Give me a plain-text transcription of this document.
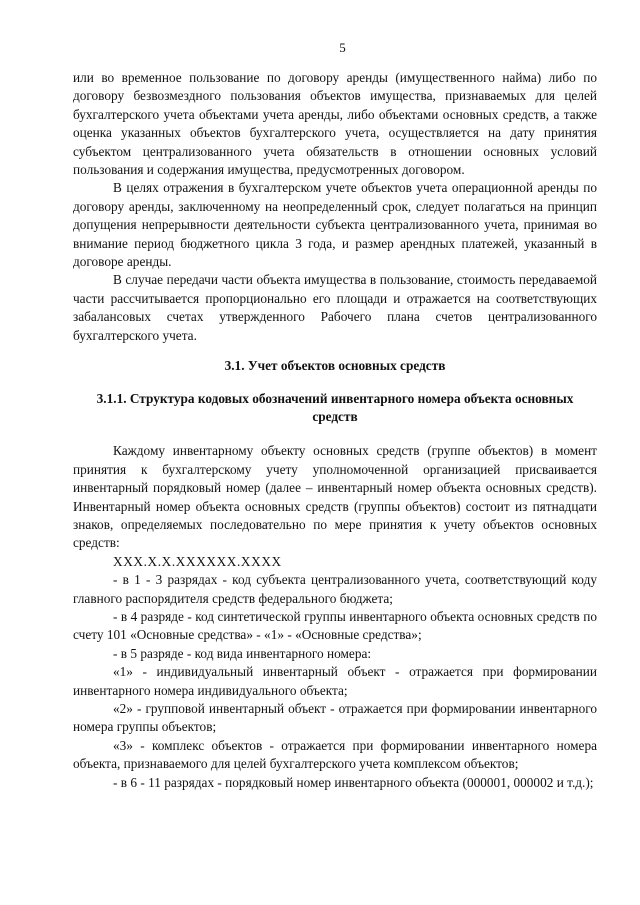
5

или во временное пользование по договору аренды (имущественного найма) либо по договору безвозмездного пользования объектов имущества, признаваемых для целей бухгалтерского учета объектами учета аренды, либо объектами основных средств, а также оценка указанных объектов бухгалтерского учета, осуществляется на дату принятия субъектом централизованного учета обязательств в отношении основных условий пользования и содержания имущества, предусмотренных договором.

В целях отражения в бухгалтерском учете объектов учета операционной аренды по договору аренды, заключенному на неопределенный срок, следует полагаться на принцип допущения непрерывности деятельности субъекта централизованного учета, принимая во внимание период бюджетного цикла 3 года, и размер арендных платежей, указанный в договоре аренды.

В случае передачи части объекта имущества в пользование, стоимость передаваемой части рассчитывается пропорционально его площади и отражается на соответствующих забалансовых счетах утвержденного Рабочего плана счетов централизованного бухгалтерского учета.

3.1. Учет объектов основных средств
3.1.1. Структура кодовых обозначений инвентарного номера объекта основных средств

Каждому инвентарному объекту основных средств (группе объектов) в момент принятия к бухгалтерскому учету уполномоченной организацией присваивается инвентарный порядковый номер (далее – инвентарный номер объекта основных средств). Инвентарный номер объекта основных средств (группы объектов) состоит из пятнадцати знаков, определяемых последовательно по мере принятия к учету объектов основных средств:

XXX.X.X.XXXXXX.XXXX

- в 1 - 3 разрядах - код субъекта централизованного учета, соответствующий коду главного распорядителя средств федерального бюджета;

- в 4 разряде - код синтетической группы инвентарного объекта основных средств по счету 101 «Основные средства» - «1» - «Основные средства»;

- в 5 разряде - код вида инвентарного номера:

«1» - индивидуальный инвентарный объект - отражается при формировании инвентарного номера индивидуального объекта;

«2» - групповой инвентарный объект - отражается при формировании инвентарного номера группы объектов;

«3» - комплекс объектов - отражается при формировании инвентарного номера объекта, признаваемого для целей бухгалтерского учета комплексом объектов;

- в 6 - 11 разрядах - порядковый номер инвентарного объекта (000001, 000002 и т.д.);
